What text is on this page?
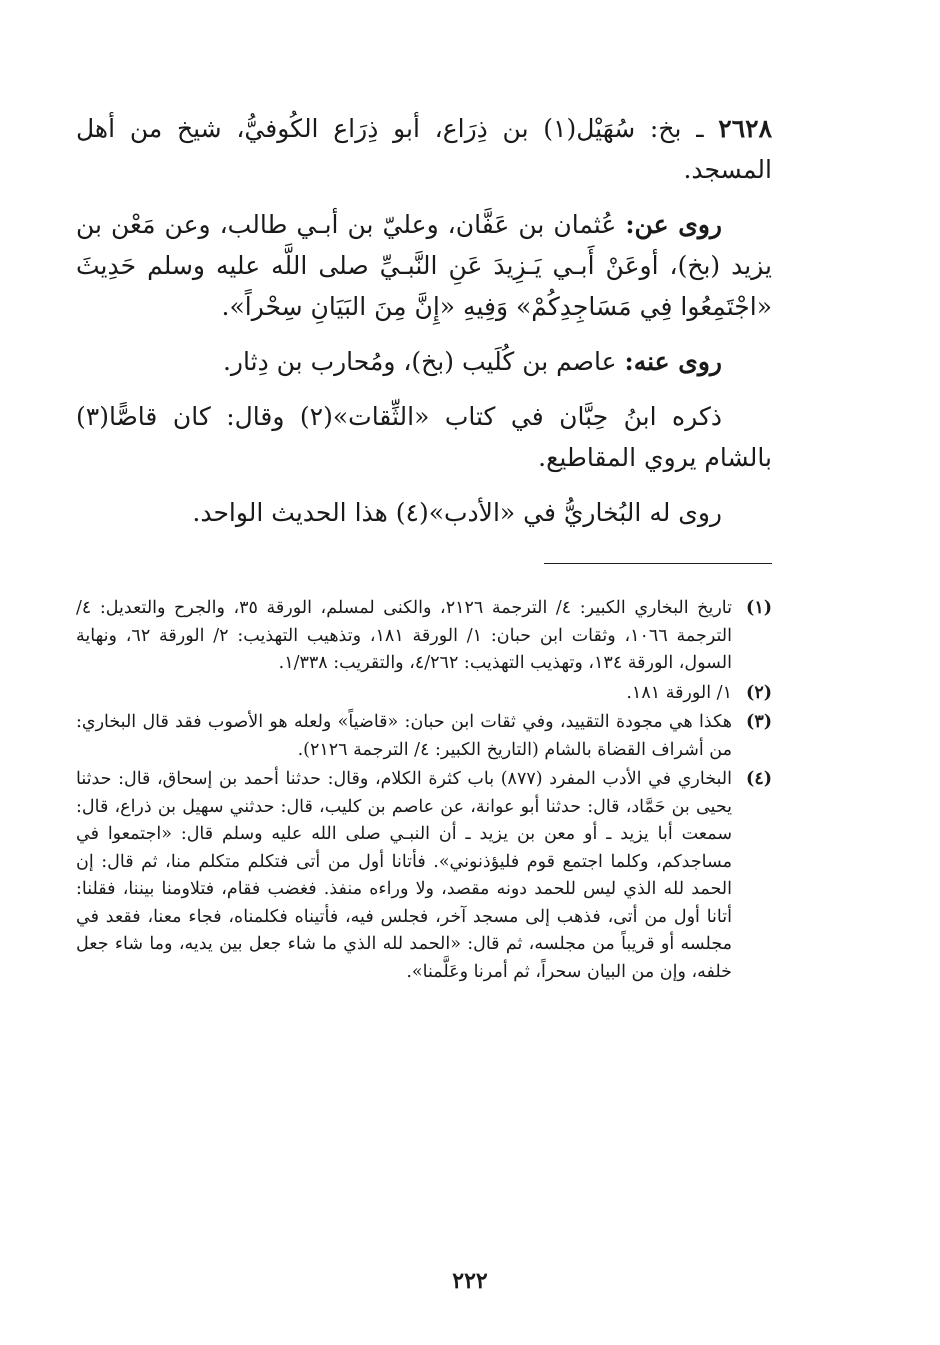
٢٦٢٨ ـ بخ: سُهَيْل(١) بن ذِرَاع، أبو ذِرَاع الكُوفيُّ، شيخ من أهل المسجد.

روى عن: عُثمان بن عَفَّان، وعليّ بن أبـي طالب، وعن مَعْن بن يزيد (بخ)، أوعَنْ أَبـي يَـزِيدَ عَنِ النَّبـيِّ صلى اللَّه عليه وسلم حَدِيثَ «اجْتَمِعُوا فِي مَسَاجِدِكُمْ» وَفِيهِ «إِنَّ مِنَ البَيَانِ سِحْراً».

روى عنه: عاصم بن كُلَيب (بخ)، ومُحارب بن دِثار.

ذكره ابنُ حِبَّان في كتاب «الثِّقات»(٢) وقال: كان قاصًّا(٣) بالشام يروي المقاطيع.

روى له البُخاريُّ في «الأدب»(٤) هذا الحديث الواحد.

(١)
تاريخ البخاري الكبير: ٤/ الترجمة ٢١٢٦، والكنى لمسلم، الورقة ٣٥، والجرح والتعديل: ٤/ الترجمة ١٠٦٦، وثقات ابن حبان: ١/ الورقة ١٨١، وتذهيب التهذيب: ٢/ الورقة ٦٢، ونهاية السول، الورقة ١٣٤، وتهذيب التهذيب: ٤/٢٦٢، والتقريب: ١/٣٣٨.

(٢)
١/ الورقة ١٨١.

(٣)
هكذا هي مجودة التقييد، وفي ثقات ابن حبان: «قاضياً» ولعله هو الأصوب فقد قال البخاري: من أشراف القضاة بالشام (التاريخ الكبير: ٤/ الترجمة ٢١٢٦).

(٤)
البخاري في الأدب المفرد (٨٧٧) باب كثرة الكلام، وقال: حدثنا أحمد بن إسحاق، قال: حدثنا يحيى بن حَمَّاد، قال: حدثنا أبو عوانة، عن عاصم بن كليب، قال: حدثني سهيل بن ذراع، قال: سمعت أبا يزيد ـ أو معن بن يزيد ـ أن النبـي صلى الله عليه وسلم قال: «اجتمعوا في مساجدكم، وكلما اجتمع قوم فليؤذنوني». فأتانا أول من أتى فتكلم متكلم منا، ثم قال: إن الحمد لله الذي ليس للحمد دونه مقصد، ولا وراءه منفذ. فغضب فقام، فتلاومنا بيننا، فقلنا: أتانا أول من أتى، فذهب إلى مسجد آخر، فجلس فيه، فأتيناه فكلمناه، فجاء معنا، فقعد في مجلسه أو قريباً من مجلسه، ثم قال: «الحمد لله الذي ما شاء جعل بين يديه، وما شاء جعل خلفه، وإن من البيان سحراً، ثم أمرنا وعَلَّمنا».

٢٢٢
